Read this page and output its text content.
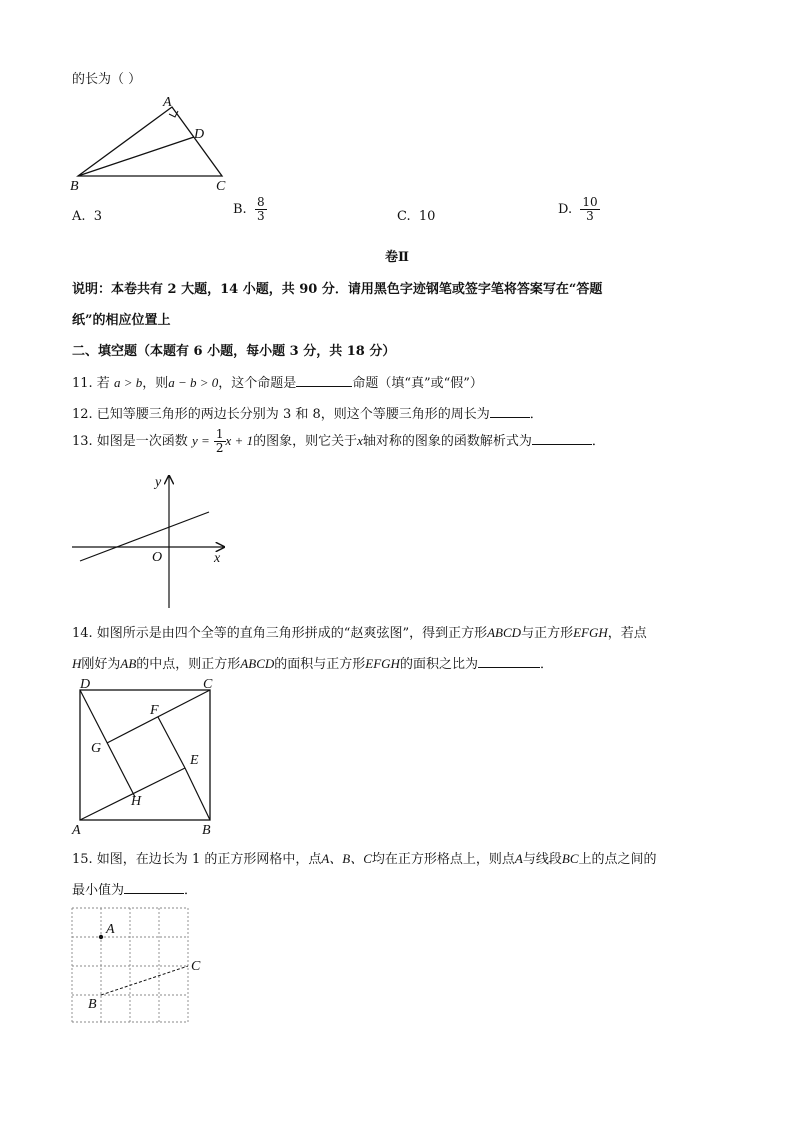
的长为（ ）
A
B	C
D
A. 3	B. $\frac{8}{3}$	C. 10	D. $\frac{10}{3}$
卷Ⅱ
说明：本卷共有 2 大题，14 小题，共 90 分．请用黑色字迹钢笔或签字笔将答案写在“答题
纸”的相应位置上
二、填空题（本题有 6 小题，每小题 3 分，共 18 分）
11. 若 a > b，则a − b > 0，这个命题是	命题（填“真”或“假”）
12. 已知等腰三角形的两边长分别为 3 和 8，则这个等腰三角形的周长为	．
13. 如图是一次函数 $y = \frac{1}{2}$ x + 1的图象，则它关于x轴对称的图象的函数解析式为	．
y
x
O
14. 如图所示是由四个全等的直角三角形拼成的“赵爽弦图”，得到正方形ABCD与正方形EFGH，若点
H刚好为AB的中点，则正方形ABCD的面积与正方形EFGH的面积之比为	．
D	C
A	B
F
E
G
H
15. 如图，在边长为 1 的正方形网格中，点A、B、C均在正方形格点上，则点A与线段BC上的点之间的
最小值为	．
A
B
C
